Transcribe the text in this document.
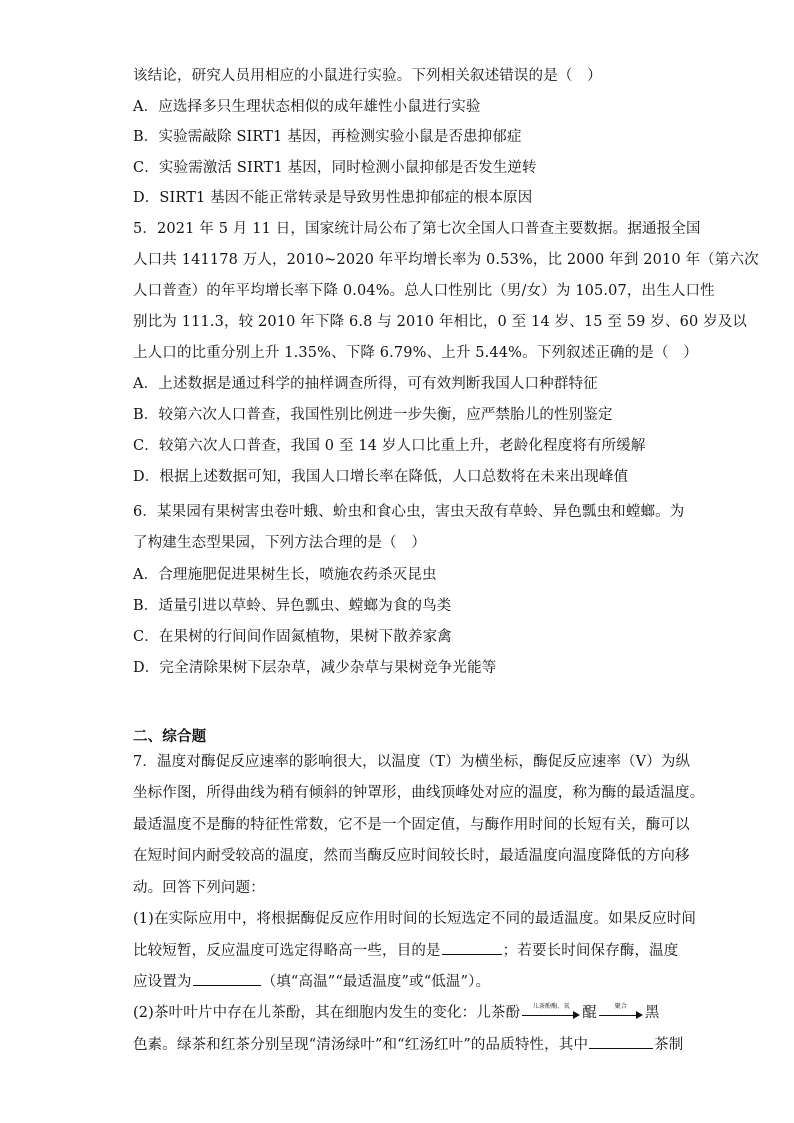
该结论，研究人员用相应的小鼠进行实验。下列相关叙述错误的是（　）
A．应选择多只生理状态相似的成年雄性小鼠进行实验
B．实验需敲除 SIRT1 基因，再检测实验小鼠是否患抑郁症
C．实验需激活 SIRT1 基因，同时检测小鼠抑郁是否发生逆转
D．SIRT1 基因不能正常转录是导致男性患抑郁症的根本原因
5．2021 年 5 月 11 日，国家统计局公布了第七次全国人口普查主要数据。据通报全国
人口共 141178 万人，2010~2020 年平均增长率为 0.53%，比 2000 年到 2010 年（第六次
人口普查）的年平均增长率下降 0.04%。总人口性别比（男/女）为 105.07，出生人口性
别比为 111.3，较 2010 年下降 6.8 与 2010 年相比，0 至 14 岁、15 至 59 岁、60 岁及以
上人口的比重分别上升 1.35%、下降 6.79%、上升 5.44%。下列叙述正确的是（　）
A．上述数据是通过科学的抽样调查所得，可有效判断我国人口种群特征
B．较第六次人口普查，我国性别比例进一步失衡，应严禁胎儿的性别鉴定
C．较第六次人口普查，我国 0 至 14 岁人口比重上升，老龄化程度将有所缓解
D．根据上述数据可知，我国人口增长率在降低，人口总数将在未来出现峰值
6．某果园有果树害虫卷叶蛾、蚧虫和食心虫，害虫天敌有草蛉、异色瓢虫和螳螂。为
了构建生态型果园，下列方法合理的是（　）
A．合理施肥促进果树生长，喷施农药杀灭昆虫
B．适量引进以草蛉、异色瓢虫、螳螂为食的鸟类
C．在果树的行间间作固氮植物，果树下散养家禽
D．完全清除果树下层杂草，减少杂草与果树竞争光能等
二、综合题
7．温度对酶促反应速率的影响很大，以温度（T）为横坐标，酶促反应速率（V）为纵
坐标作图，所得曲线为稍有倾斜的钟罩形，曲线顶峰处对应的温度，称为酶的最适温度。
最适温度不是酶的特征性常数，它不是一个固定值，与酶作用时间的长短有关，酶可以
在短时间内耐受较高的温度，然而当酶反应时间较长时，最适温度向温度降低的方向移
动。回答下列问题：
(1)在实际应用中，将根据酶促反应作用时间的长短选定不同的最适温度。如果反应时间
比较短暂，反应温度可选定得略高一些，目的是	；若要长时间保存酶，温度
应设置为	（填“高温”“最适温度”或“低温”）。
(2)茶叶叶片中存在儿茶酚，其在细胞内发生的变化：儿茶酚	儿茶酚酶、氧 醌	聚合	黑
色素。绿茶和红茶分别呈现“清汤绿叶”和“红汤红叶”的品质特性，其中	茶制
